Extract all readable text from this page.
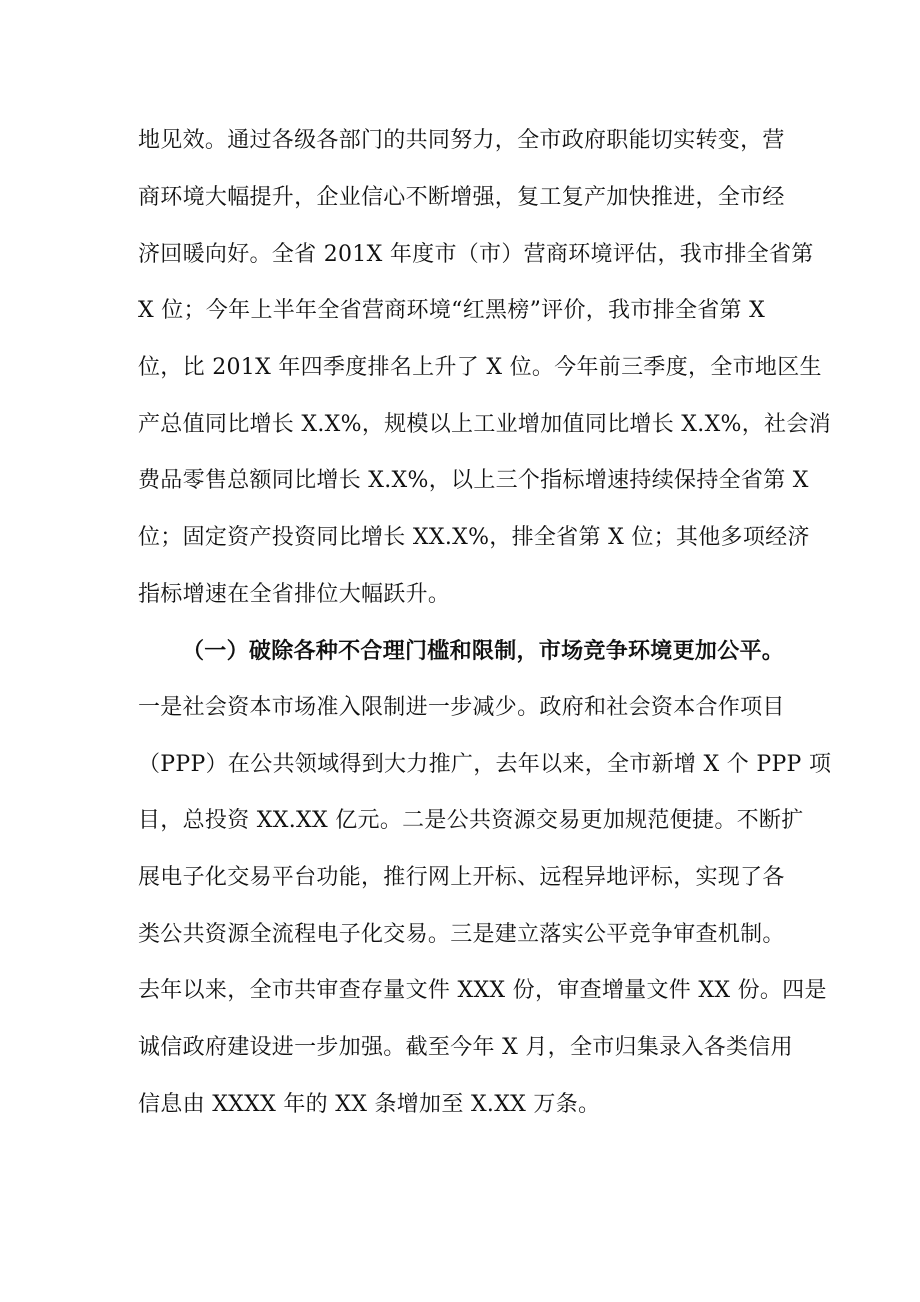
地见效。通过各级各部门的共同努力，全市政府职能切实转变，营
商环境大幅提升，企业信心不断增强，复工复产加快推进，全市经
济回暖向好。全省 201X 年度市（市）营商环境评估，我市排全省第
X 位；今年上半年全省营商环境“红黑榜”评价，我市排全省第 X
位，比 201X 年四季度排名上升了 X 位。今年前三季度，全市地区生
产总值同比增长 X.X%，规模以上工业增加值同比增长 X.X%，社会消
费品零售总额同比增长 X.X%，以上三个指标增速持续保持全省第 X
位；固定资产投资同比增长 XX.X%，排全省第 X 位；其他多项经济
指标增速在全省排位大幅跃升。
（一）破除各种不合理门槛和限制，市场竞争环境更加公平。
一是社会资本市场准入限制进一步减少。政府和社会资本合作项目
（PPP）在公共领域得到大力推广，去年以来，全市新增 X 个 PPP 项
目，总投资 XX.XX 亿元。二是公共资源交易更加规范便捷。不断扩
展电子化交易平台功能，推行网上开标、远程异地评标，实现了各
类公共资源全流程电子化交易。三是建立落实公平竞争审查机制。
去年以来，全市共审查存量文件 XXX 份，审查增量文件 XX 份。四是
诚信政府建设进一步加强。截至今年 X 月，全市归集录入各类信用
信息由 XXXX 年的 XX 条增加至 X.XX 万条。
